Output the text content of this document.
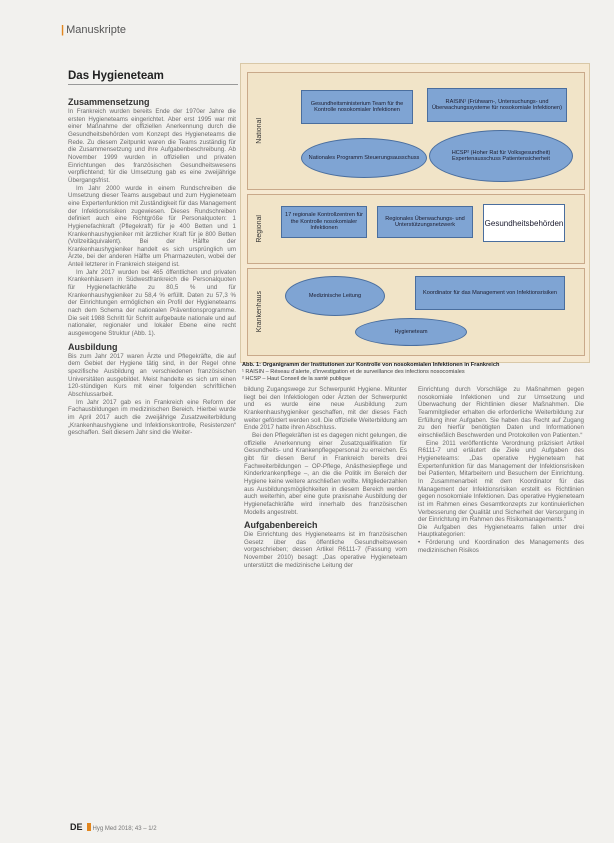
| Manuskripte
Das Hygieneteam
Zusammensetzung

In Frankreich wurden bereits Ende der 1970er Jahre die ersten Hygieneteams eingerichtet. Aber erst 1995 war mit einer Maßnahme der offiziellen Anerkennung durch die Gesundheitsbehörden vom Konzept des Hygieneteams die Rede. Zu diesem Zeitpunkt waren die Teams zuständig für die Zusammensetzung und ihre Aufgabenbeschreibung. Ab November 1999 wurden in offiziellen und privaten Einrichtungen des französischen Gesundheitswesens verpflichtend; für die Umsetzung gab es eine zweijährige Übergangsfrist.

Im Jahr 2000 wurde in einem Rundschreiben die Umsetzung dieser Teams ausgebaut und zum Hygieneteam eine Expertenfunktion mit Zuständigkeit für das Management der Infektionsrisiken zugewiesen. Dieses Rundschreiben definiert auch eine Richtgröße für Personalquoten: 1 Hygienefachkraft (Pflegekraft) für je 400 Betten und 1 Krankenhaushygieniker mit ärztlicher Kraft für je 800 Betten (Vollzeitäquivalent). Bei der Hälfte der Krankenhaushygieniker handelt es sich ursprünglich um Ärzte, bei der anderen Hälfte um Pharmazeuten, wobei der Anteil letzterer in Frankreich steigend ist.

Im Jahr 2017 wurden bei 465 öffentlichen und privaten Krankenhäusern in Südwestfrankreich die Personalquoten für Hygienefachkräfte zu 80,5 % und für Krankenhaushygieniker zu 58,4 % erfüllt. Daten zu 57,3 % der Einrichtungen ermöglichen ein Profil der Hygieneteams nach dem Schema der nationalen Präventionsprogramme. Die seit 1988 Schritt für Schritt aufgebaute nationale und auf nationaler, regionaler und lokaler Ebene eine recht ausgewogene Struktur (Abb. 1).

Ausbildung

Bis zum Jahr 2017 waren Ärzte und Pflegekräfte, die auf dem Gebiet der Hygiene tätig sind, in der Regel ohne spezifische Ausbildung an verschiedenen französischen Universitäten ausgebildet. Meist handelte es sich um einen 120-stündigen Kurs mit einer folgenden schriftlichen Abschlussarbeit.

Im Jahr 2017 gab es in Frankreich eine Reform der Fachausbildungen im medizinischen Bereich. Hierbei wurde im April 2017 auch die zweijährige Zusatzweiterbildung „Krankenhaushygiene und Infektionskontrolle, Resistenzen“ geschaffen. Seit diesem Jahr sind die Weiter-

National
Regional
Krankenhaus
Gesundheitsministerium Team für the Kontrolle nosokomialer Infektionen
RAISIN¹ (Frühwarn-, Untersuchungs- und Überwachungssysteme für nosokomiale Infektionen)
Nationales Programm Steuerungsausschuss
HCSP² (Hoher Rat für Volksgesundheit) Expertenausschuss Patientensicherheit
17 regionale Kontrollzentren für the Kontrolle nosokomialer Infektionen
Regionales Überwachungs- und Unterstützungsnetzwerk	Gesundheitsbehörden
Medizinische Leitung	Koordinator für das Management von Infektionsrisiken
Hygieneteam
Abb. 1: Organigramm der Institutionen zur Kontrolle von nosokomialen Infektionen in Frankreich
¹ RAISIN – Réseau d’alerte, d’investigation et de surveillance des infections nosocomiales
² HCSP – Haut Conseil de la santé publique

bildung Zugangswege zur Schwerpunkt Hygiene. Mitunter liegt bei den Infektiologen oder Ärzten der Schwerpunkt und es wurde eine neue Ausbildung zum Krankenhaushygieniker geschaffen, mit der dieses Fach weiter gefördert werden soll. Die offizielle Weiterbildung am Ende 2017 hatte ihren Abschluss.

Bei den Pflegekräften ist es dagegen nicht gelungen, die offizielle Anerkennung einer Zusatzqualifikation für Gesundheits- und Krankenpflegepersonal zu erreichen. Es gibt für diesen Beruf in Frankreich bereits drei Fachweiterbildungen – OP-Pflege, Anästhesiepflege und Kinderkrankenpflege –, an die die Politik im Bereich der Hygiene keine weitere anschließen wollte. Mitgliederzahlen aus Ausbildungsmöglichkeiten in diesem Bereich werden auch weiterhin, aber eine gute praxisnahe Ausbildung der Hygienefachkräfte wird innerhalb des französischen Modells angestrebt.

Aufgabenbereich

Die Einrichtung des Hygieneteams ist im französischen Gesetz über das öffentliche Gesundheitswesen vorgeschrieben; dessen Artikel R6111-7 (Fassung vom November 2010) besagt: „Das operative Hygieneteam unterstützt die medizinische Leitung der

Einrichtung durch Vorschläge zu Maßnahmen gegen nosokomiale Infektionen und zur Umsetzung und Überwachung der Richtlinien dieser Maßnahmen. Die Teammitglieder erhalten die erforderliche Weiterbildung zur Erfüllung ihrer Aufgaben. Sie haben das Recht auf Zugang zu den hierfür benötigten Daten und Informationen einschließlich Beschwerden und Protokollen von Patienten.“

Eine 2011 veröffentlichte Verordnung präzisiert Artikel R6111-7 und erläutert die Ziele und Aufgaben des Hygieneteams: „Das operative Hygieneteam hat Expertenfunktion für das Management der Infektionsrisiken bei Patienten, Mitarbeitern und Besuchern der Einrichtung. In Zusammenarbeit mit dem Koordinator für das Management der Infektionsrisiken erstellt es Richtlinien gegen nosokomiale Infektionen. Das operative Hygieneteam ist im Rahmen eines Gesamtkonzepts zur kontinuierlichen Verbesserung der Qualität und Sicherheit der Versorgung in der Einrichtung im Rahmen des Risikomanagements.“

Die Aufgaben des Hygieneteams fallen unter drei Hauptkategorien:

• Förderung und Koordination des Managements des medizinischen Risikos

DE Hyg Med 2018; 43 – 1/2
